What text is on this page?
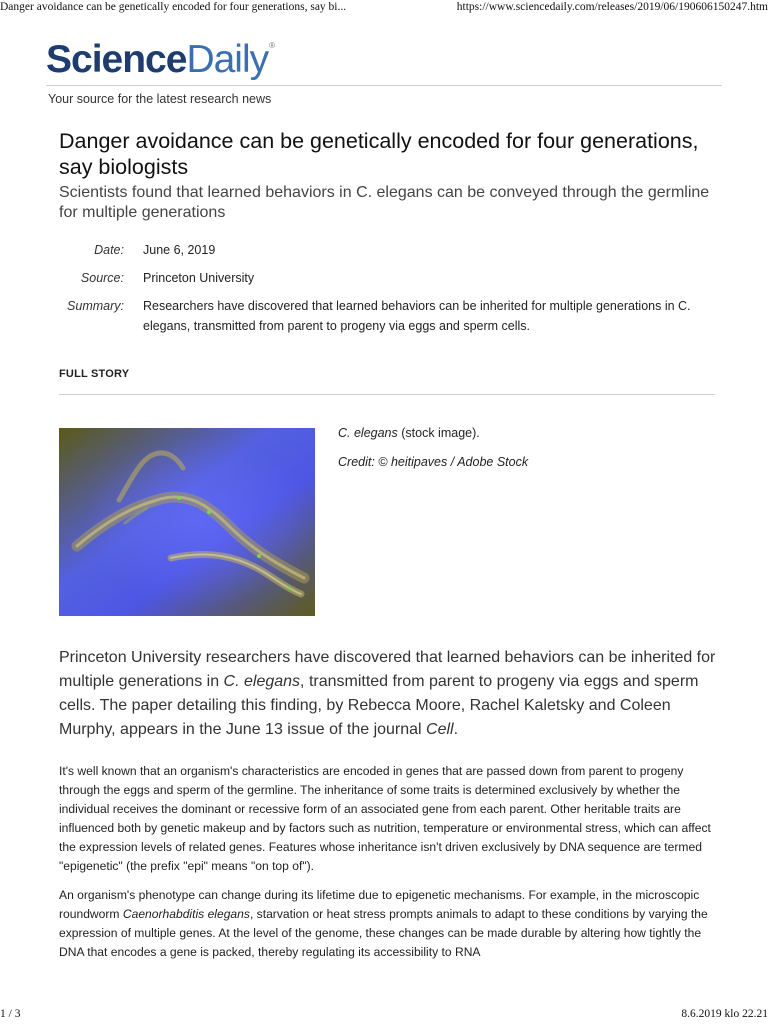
Danger avoidance can be genetically encoded for four generations, say bi...	https://www.sciencedaily.com/releases/2019/06/190606150247.htm
ScienceDaily®
Your source for the latest research news
Danger avoidance can be genetically encoded for four generations, say biologists
Scientists found that learned behaviors in C. elegans can be conveyed through the germline for multiple generations
Date:	June 6, 2019
Source:	Princeton University
Summary:	Researchers have discovered that learned behaviors can be inherited for multiple generations in C. elegans, transmitted from parent to progeny via eggs and sperm cells.
FULL STORY

C. elegans (stock image).

Credit: © heitipaves / Adobe Stock

Princeton University researchers have discovered that learned behaviors can be inherited for multiple generations in C. elegans, transmitted from parent to progeny via eggs and sperm cells. The paper detailing this finding, by Rebecca Moore, Rachel Kaletsky and Coleen Murphy, appears in the June 13 issue of the journal Cell.

It's well known that an organism's characteristics are encoded in genes that are passed down from parent to progeny through the eggs and sperm of the germline. The inheritance of some traits is determined exclusively by whether the individual receives the dominant or recessive form of an associated gene from each parent. Other heritable traits are influenced both by genetic makeup and by factors such as nutrition, temperature or environmental stress, which can affect the expression levels of related genes. Features whose inheritance isn't driven exclusively by DNA sequence are termed "epigenetic" (the prefix "epi" means "on top of").

An organism's phenotype can change during its lifetime due to epigenetic mechanisms. For example, in the microscopic roundworm Caenorhabditis elegans, starvation or heat stress prompts animals to adapt to these conditions by varying the expression of multiple genes. At the level of the genome, these changes can be made durable by altering how tightly the DNA that encodes a gene is packed, thereby regulating its accessibility to RNA

1 / 3	8.6.2019 klo 22.21
